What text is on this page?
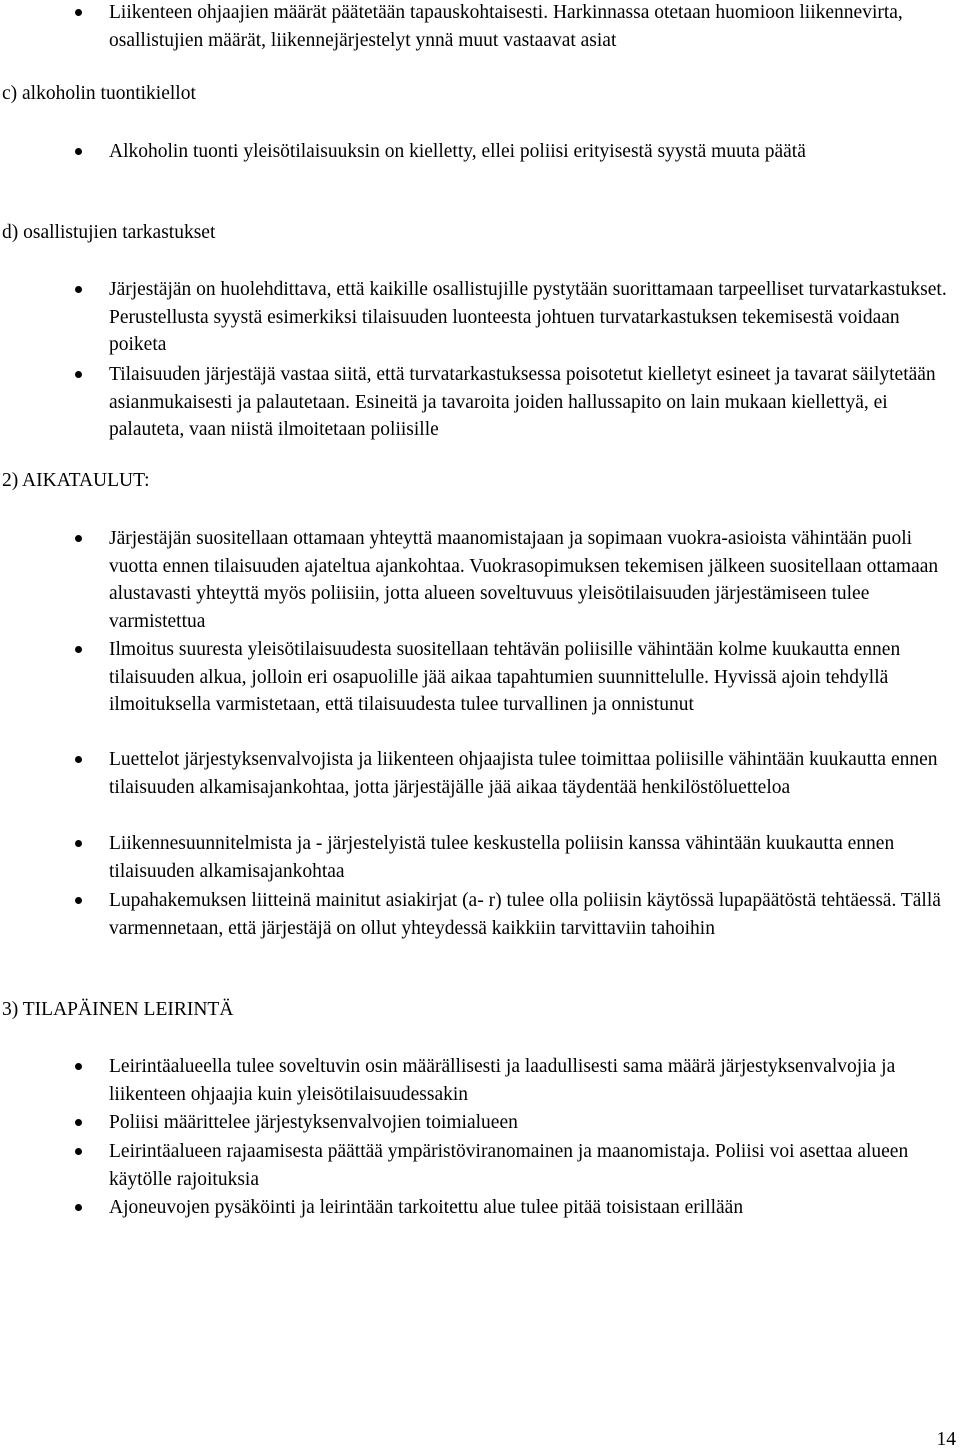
Liikenteen ohjaajien määrät päätetään tapauskohtaisesti. Harkinnassa otetaan huomioon liikennevirta, osallistujien määrät, liikennejärjestelyt ynnä muut vastaavat asiat

c) alkoholin tuontikiellot

Alkoholin tuonti yleisötilaisuuksin on kielletty, ellei poliisi erityisestä syystä muuta päätä

d) osallistujien tarkastukset

Järjestäjän on huolehdittava, että kaikille osallistujille pystytään suorittamaan tarpeelliset turvatarkastukset. Perustellusta syystä esimerkiksi tilaisuuden luonteesta johtuen turvatarkastuksen tekemisestä voidaan poiketa

Tilaisuuden järjestäjä vastaa siitä, että turvatarkastuksessa poisotetut kielletyt esineet ja tavarat säilytetään asianmukaisesti ja palautetaan. Esineitä ja tavaroita joiden hallussapito on lain mukaan kiellettyä, ei palauteta, vaan niistä ilmoitetaan poliisille

2) AIKATAULUT:

Järjestäjän suositellaan ottamaan yhteyttä maanomistajaan ja sopimaan vuokra-asioista vähintään puoli vuotta ennen tilaisuuden ajateltua ajankohtaa. Vuokrasopimuksen tekemisen jälkeen suositellaan ottamaan alustavasti yhteyttä myös poliisiin, jotta alueen soveltuvuus yleisötilaisuuden järjestämiseen tulee varmistettua

Ilmoitus suuresta yleisötilaisuudesta suositellaan tehtävän poliisille vähintään kolme kuukautta ennen tilaisuuden alkua, jolloin eri osapuolille jää aikaa tapahtumien suunnittelulle. Hyvissä ajoin tehdyllä ilmoituksella varmistetaan, että tilaisuudesta tulee turvallinen ja onnistunut

Luettelot järjestyksenvalvojista ja liikenteen ohjaajista tulee toimittaa poliisille vähintään kuukautta ennen tilaisuuden alkamisajankohtaa, jotta järjestäjälle jää aikaa täydentää henkilöstöluetteloa

Liikennesuunnitelmista ja - järjestelyistä tulee keskustella poliisin kanssa vähintään kuukautta ennen tilaisuuden alkamisajankohtaa

Lupahakemuksen liitteinä mainitut asiakirjat (a- r) tulee olla poliisin käytössä lupapäätöstä tehtäessä. Tällä varmennetaan, että järjestäjä on ollut yhteydessä kaikkiin tarvittaviin tahoihin

3) TILAPÄINEN LEIRINTÄ

Leirintäalueella tulee soveltuvin osin määrällisesti ja laadullisesti sama määrä järjestyksenvalvojia ja liikenteen ohjaajia kuin yleisötilaisuudessakin

Poliisi määrittelee järjestyksenvalvojien toimialueen

Leirintäalueen rajaamisesta päättää ympäristöviranomainen ja maanomistaja. Poliisi voi asettaa alueen käytölle rajoituksia

Ajoneuvojen pysäköinti ja leirintään tarkoitettu alue tulee pitää toisistaan erillään

14
